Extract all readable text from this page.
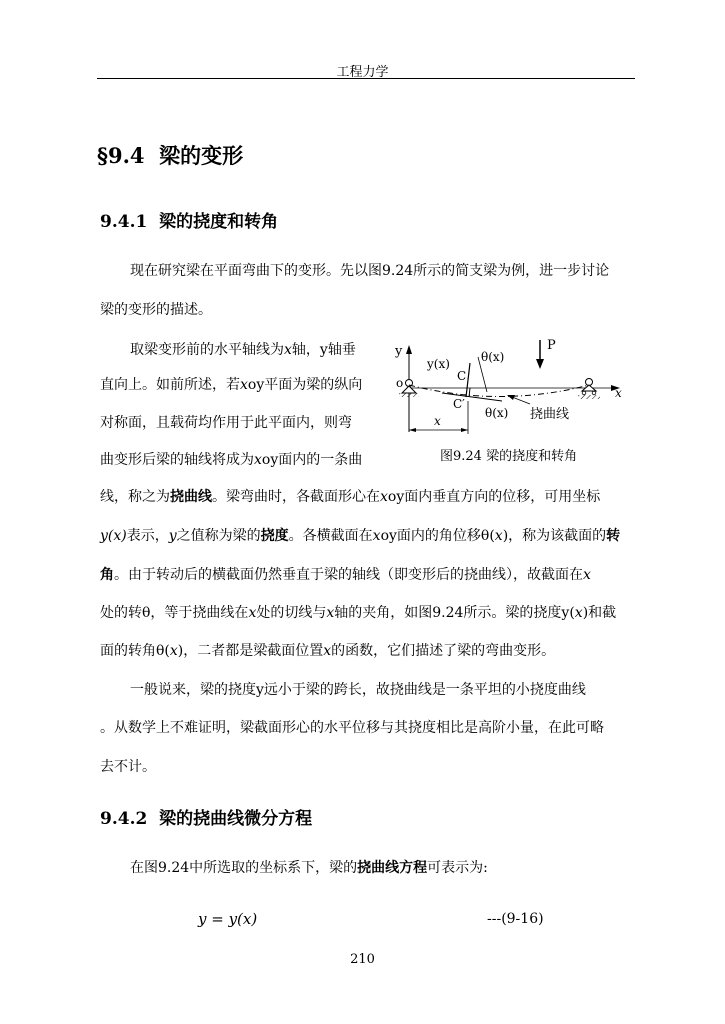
工程力学
§9.4 梁的变形
9.4.1 梁的挠度和转角
现在研究梁在平面弯曲下的变形。先以图9.24所示的简支梁为例，进一步讨论
梁的变形的描述。
取梁变形前的水平轴线为x轴，y轴垂
直向上。如前所述，若xoy平面为梁的纵向
对称面，且载荷均作用于此平面内，则弯
曲变形后梁的轴线将成为xoy面内的一条曲
线，称之为挠曲线。梁弯曲时，各截面形心在xoy面内垂直方向的位移，可用坐标
y(x)表示，y之值称为梁的挠度。各横截面在xoy面内的角位移θ(x)，称为该截面的转
角。由于转动后的横截面仍然垂直于梁的轴线（即变形后的挠曲线），故截面在x
处的转θ，等于挠曲线在x处的切线与x轴的夹角，如图9.24所示。梁的挠度y(x)和截
面的转角θ(x)，二者都是梁截面位置x的函数，它们描述了梁的弯曲变形。
一般说来，梁的挠度y远小于梁的跨长，故挠曲线是一条平坦的小挠度曲线
。从数学上不难证明，梁截面形心的水平位移与其挠度相比是高阶小量，在此可略
去不计。
9.4.2 梁的挠曲线微分方程
在图9.24中所选取的坐标系下，梁的挠曲线方程可表示为:
y = y(x)	---(9-16)
y
x
o
P
y(x)
C
θ(x)
C′
θ(x) 挠曲线
x
图9.24 梁的挠度和转角
210
